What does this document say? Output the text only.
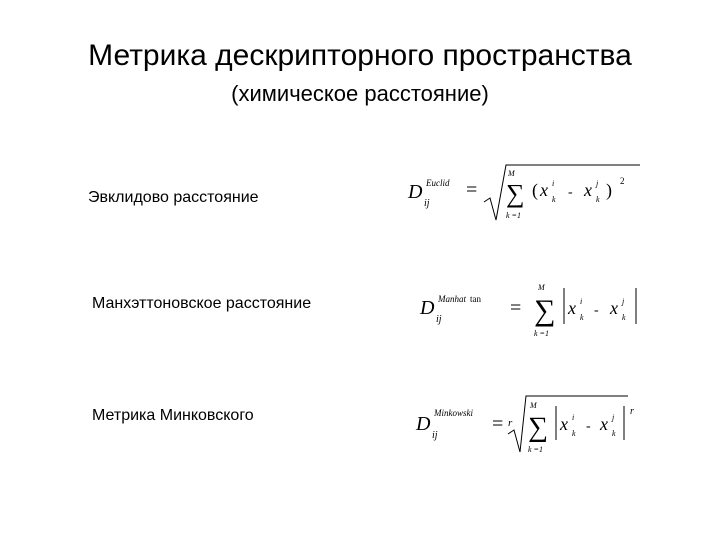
Метрика дескрипторного пространства
(химическое расстояние)
Эвклидово расстояние	D Euclid
ij
=
M
∑
k =1
( x i
k - x j
k ) 2
Манхэттоновское расстояние	D Manhat tan
ij
=
M
∑
k =1
x i
k - x j
k
Метрика Минковского	D Minkowski
ij
= r
M
∑
k =1
x i
k - x j
k
r
